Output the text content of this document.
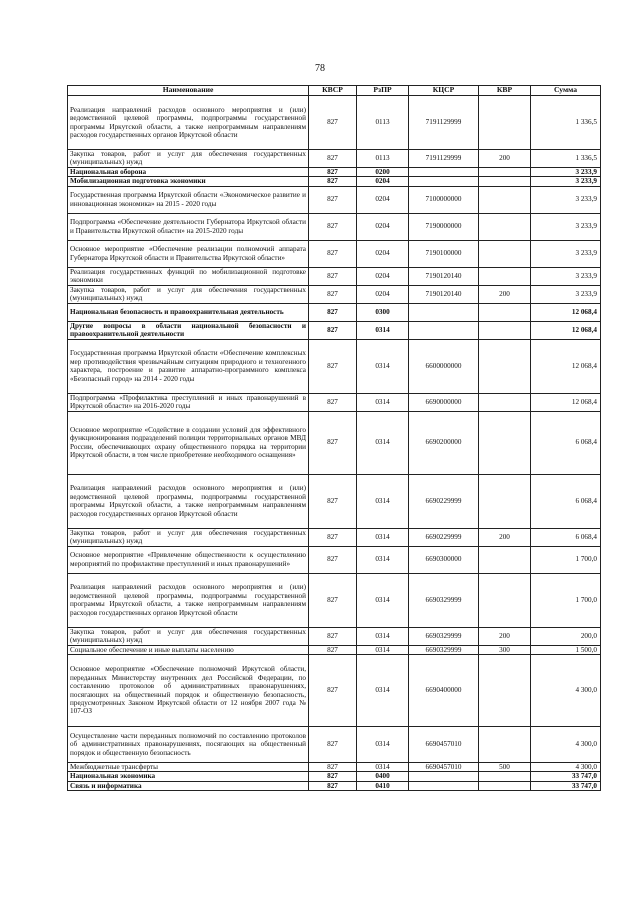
78
Наименование	КВСР	РзПР	КЦСР	КВР	Сумма
Реализация направлений расходов основного мероприятия и (или) ведомственной целевой программы, подпрограммы государственной программы Иркутской области, а также непрограммным направлениям расходов государственных органов Иркутской области	827	0113	7191129999		1 336,5
Закупка товаров, работ и услуг для обеспечения государственных (муниципальных) нужд	827	0113	7191129999	200	1 336,5
Национальная оборона	827	0200			3 233,9
Мобилизационная подготовка экономики	827	0204			3 233,9
Государственная программа Иркутской области «Экономическое развитие и инновационная экономика» на 2015 - 2020 годы	827	0204	7100000000		3 233,9
Подпрограмма «Обеспечение деятельности Губернатора Иркутской области и Правительства Иркутской области» на 2015-2020 годы	827	0204	7190000000		3 233,9
Основное мероприятие «Обеспечение реализации полномочий аппарата Губернатора Иркутской области и Правительства Иркутской области»	827	0204	7190100000		3 233,9
Реализация государственных функций по мобилизационной подготовке экономики	827	0204	7190120140		3 233,9
Закупка товаров, работ и услуг для обеспечения государственных (муниципальных) нужд	827	0204	7190120140	200	3 233,9
Национальная безопасность и правоохранительная деятельность	827	0300			12 068,4
Другие вопросы в области национальной безопасности и правоохранительной деятельности	827	0314			12 068,4
Государственная программа Иркутской области «Обеспечение комплексных мер противодействия чрезвычайным ситуациям природного и техногенного характера, построение и развитие аппаратно-программного комплекса «Безопасный город» на 2014 - 2020 годы	827	0314	6600000000		12 068,4
Подпрограмма «Профилактика преступлений и иных правонарушений в Иркутской области» на 2016-2020 годы	827	0314	6690000000		12 068,4
Основное мероприятие «Содействие в создании условий для эффективного функционирования подразделений полиции территориальных органов МВД России, обеспечивающих охрану общественного порядка на территории Иркутской области, в том числе приобретение необходимого оснащения»	827	0314	6690200000		6 068,4
Реализация направлений расходов основного мероприятия и (или) ведомственной целевой программы, подпрограммы государственной программы Иркутской области, а также непрограммным направлениям расходов государственных органов Иркутской области	827	0314	6690229999		6 068,4
Закупка товаров, работ и услуг для обеспечения государственных (муниципальных) нужд	827	0314	6690229999	200	6 068,4
Основное мероприятие «Привлечение общественности к осуществлению мероприятий по профилактике преступлений и иных правонарушений»	827	0314	6690300000		1 700,0
Реализация направлений расходов основного мероприятия и (или) ведомственной целевой программы, подпрограммы государственной программы Иркутской области, а также непрограммным направлениям расходов государственных органов Иркутской области	827	0314	6690329999		1 700,0
Закупка товаров, работ и услуг для обеспечения государственных (муниципальных) нужд	827	0314	6690329999	200	200,0
Социальное обеспечение и иные выплаты населению	827	0314	6690329999	300	1 500,0
Основное мероприятие «Обеспечение полномочий Иркутской области, переданных Министерству внутренних дел Российской Федерации, по составлению протоколов об административных правонарушениях, посягающих на общественный порядок и общественную безопасность, предусмотренных Законом Иркутской области от 12 ноября 2007 года № 107-ОЗ	827	0314	6690400000		4 300,0
Осуществление части переданных полномочий по составлению протоколов об административных правонарушениях, посягающих на общественный порядок и общественную безопасность	827	0314	6690457010		4 300,0
Межбюджетные трансферты	827	0314	6690457010	500	4 300,0
Национальная экономика	827	0400			33 747,0
Связь и информатика	827	0410			33 747,0
